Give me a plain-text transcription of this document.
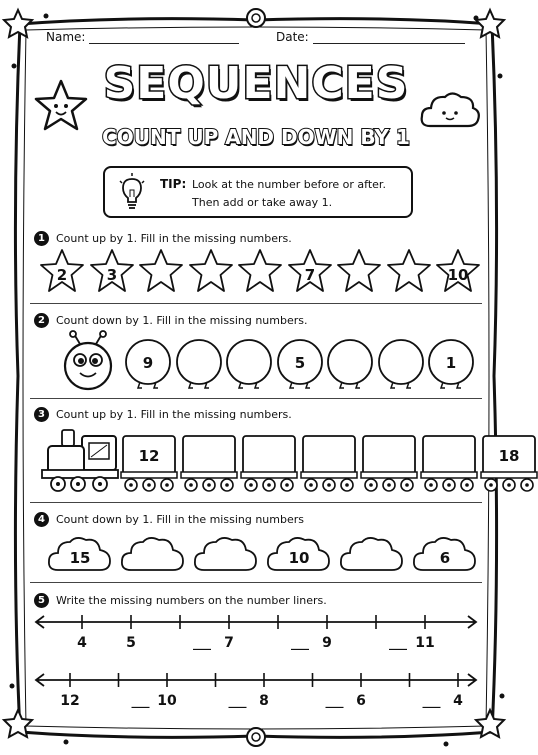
Name:	Date:
SEQUENCES
COUNT UP AND DOWN BY 1
TIP: Look at the number before or after.
Then add or take away 1.
1	Count up by 1. Fill in the missing numbers.
2	3	7	10
2	Count down by 1. Fill in the missing numbers.
9	5	1
3	Count up by 1. Fill in the missing numbers.
12	18
4	Count down by 1. Fill in the missing numbers
15	10	6
5	Write the missing numbers on the number liners.
4	5	___ 7	___ 9	___ 11
12	___ 10	___ 8	___ 6	___ 4
